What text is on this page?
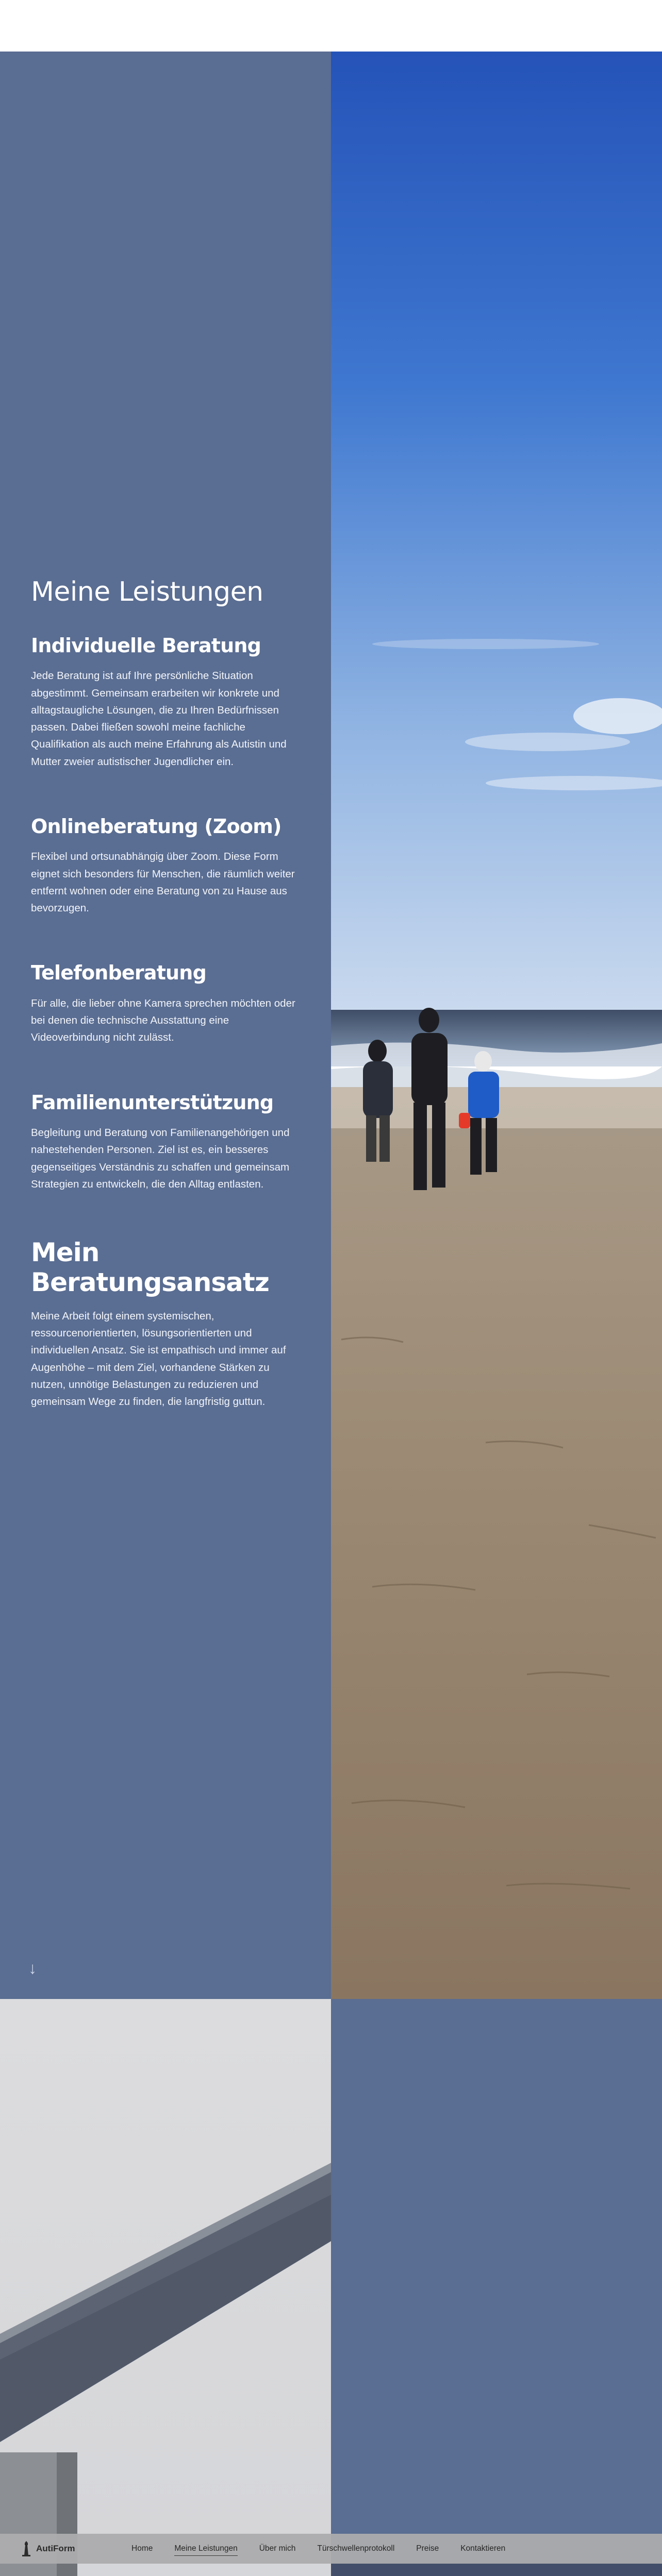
Meine Leistungen
Individuelle Beratung

Jede Beratung ist auf Ihre persönliche Situation abgestimmt. Gemeinsam erarbeiten wir konkrete und alltagstaugliche Lösungen, die zu Ihren Bedürfnissen passen. Dabei fließen sowohl meine fachliche Qualifikation als auch meine Erfahrung als Autistin und Mutter zweier autistischer Jugendlicher ein.

Onlineberatung (Zoom)

Flexibel und ortsunabhängig über Zoom. Diese Form eignet sich besonders für Menschen, die räumlich weiter entfernt wohnen oder eine Beratung von zu Hause aus bevorzugen.

Telefonberatung

Für alle, die lieber ohne Kamera sprechen möchten oder bei denen die technische Ausstattung eine Videoverbindung nicht zulässt.

Familienunterstützung

Begleitung und Beratung von Familienangehörigen und nahestehenden Personen. Ziel ist es, ein besseres gegenseitiges Verständnis zu schaffen und gemeinsam Strategien zu entwickeln, die den Alltag entlasten.

Mein Beratungsansatz

Meine Arbeit folgt einem systemischen, ressourcenorientierten, lösungsorientierten und individuellen Ansatz. Sie ist empathisch und immer auf Augenhöhe – mit dem Ziel, vorhandene Stärken zu nutzen, unnötige Belastungen zu reduzieren und gemeinsam Wege zu finden, die langfristig guttun.

↓
AutiForm	Home	Meine Leistungen	Über mich	Türschwellenprotokoll	Preise	Kontaktieren
